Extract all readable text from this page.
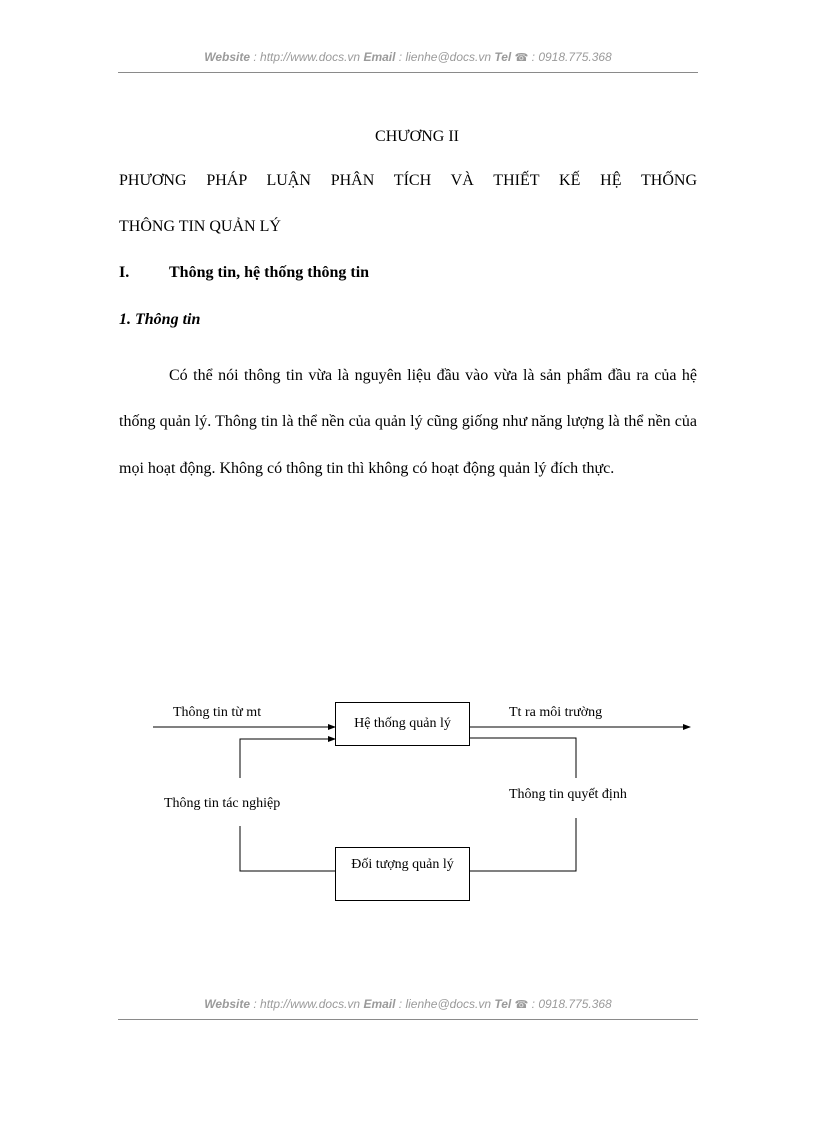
Website : http://www.docs.vn Email : lienhe@docs.vn Tel ☎ : 0918.775.368
CHƯƠNG II
PHƯƠNG PHÁP LUẬN PHÂN TÍCH VÀ THIẾT KẾ HỆ THỐNG
THÔNG TIN QUẢN LÝ
I. Thông tin, hệ thống thông tin
1. Thông tin

Có thể nói thông tin vừa là nguyên liệu đầu vào vừa là sản phẩm đầu ra của hệ thống quản lý. Thông tin là thể nền của quản lý cũng giống như năng lượng là thể nền của mọi hoạt động. Không có thông tin thì không có hoạt động quản lý đích thực.

Thông tin từ mt	Tt ra môi trường
Hệ thống quản lý
Thông tin tác nghiệp
Thông tin quyết định
Đối tượng quản lý
Website : http://www.docs.vn Email : lienhe@docs.vn Tel ☎ : 0918.775.368
